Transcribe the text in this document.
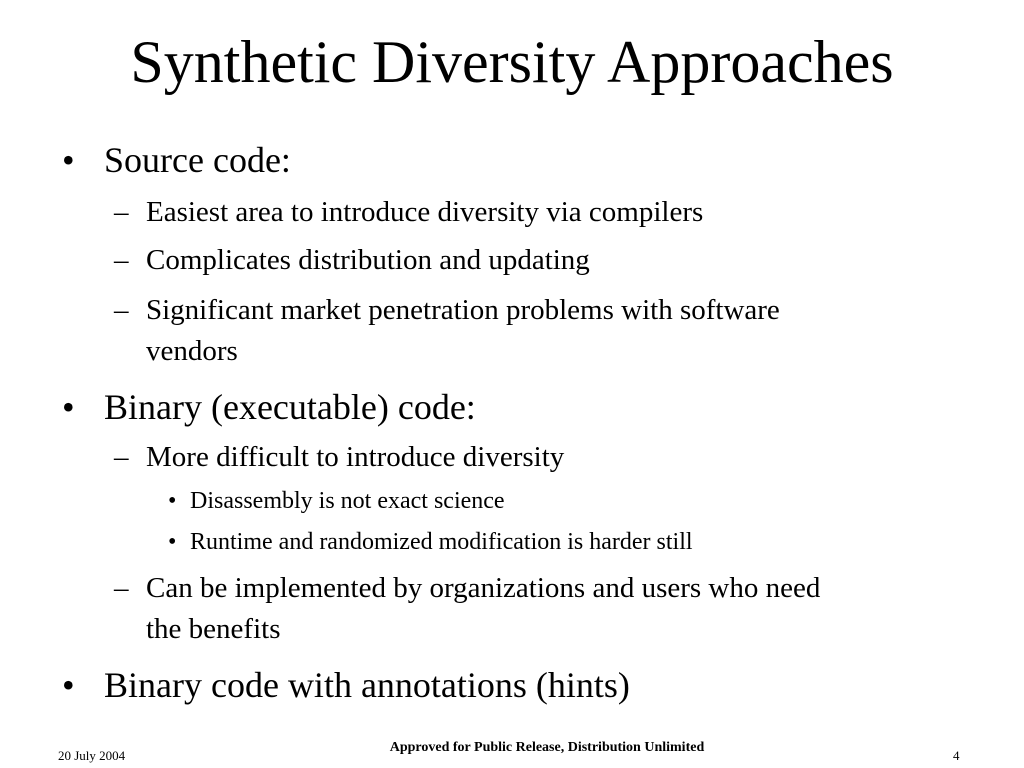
Synthetic Diversity Approaches
• Source code:
– Easiest area to introduce diversity via compilers
– Complicates distribution and updating
– Significant market penetration problems with software
vendors
• Binary (executable) code:
– More difficult to introduce diversity
• Disassembly is not exact science
• Runtime and randomized modification is harder still
– Can be implemented by organizations and users who need
the benefits
• Binary code with annotations (hints)
20 July 2004
Approved for Public Release, Distribution Unlimited
4
